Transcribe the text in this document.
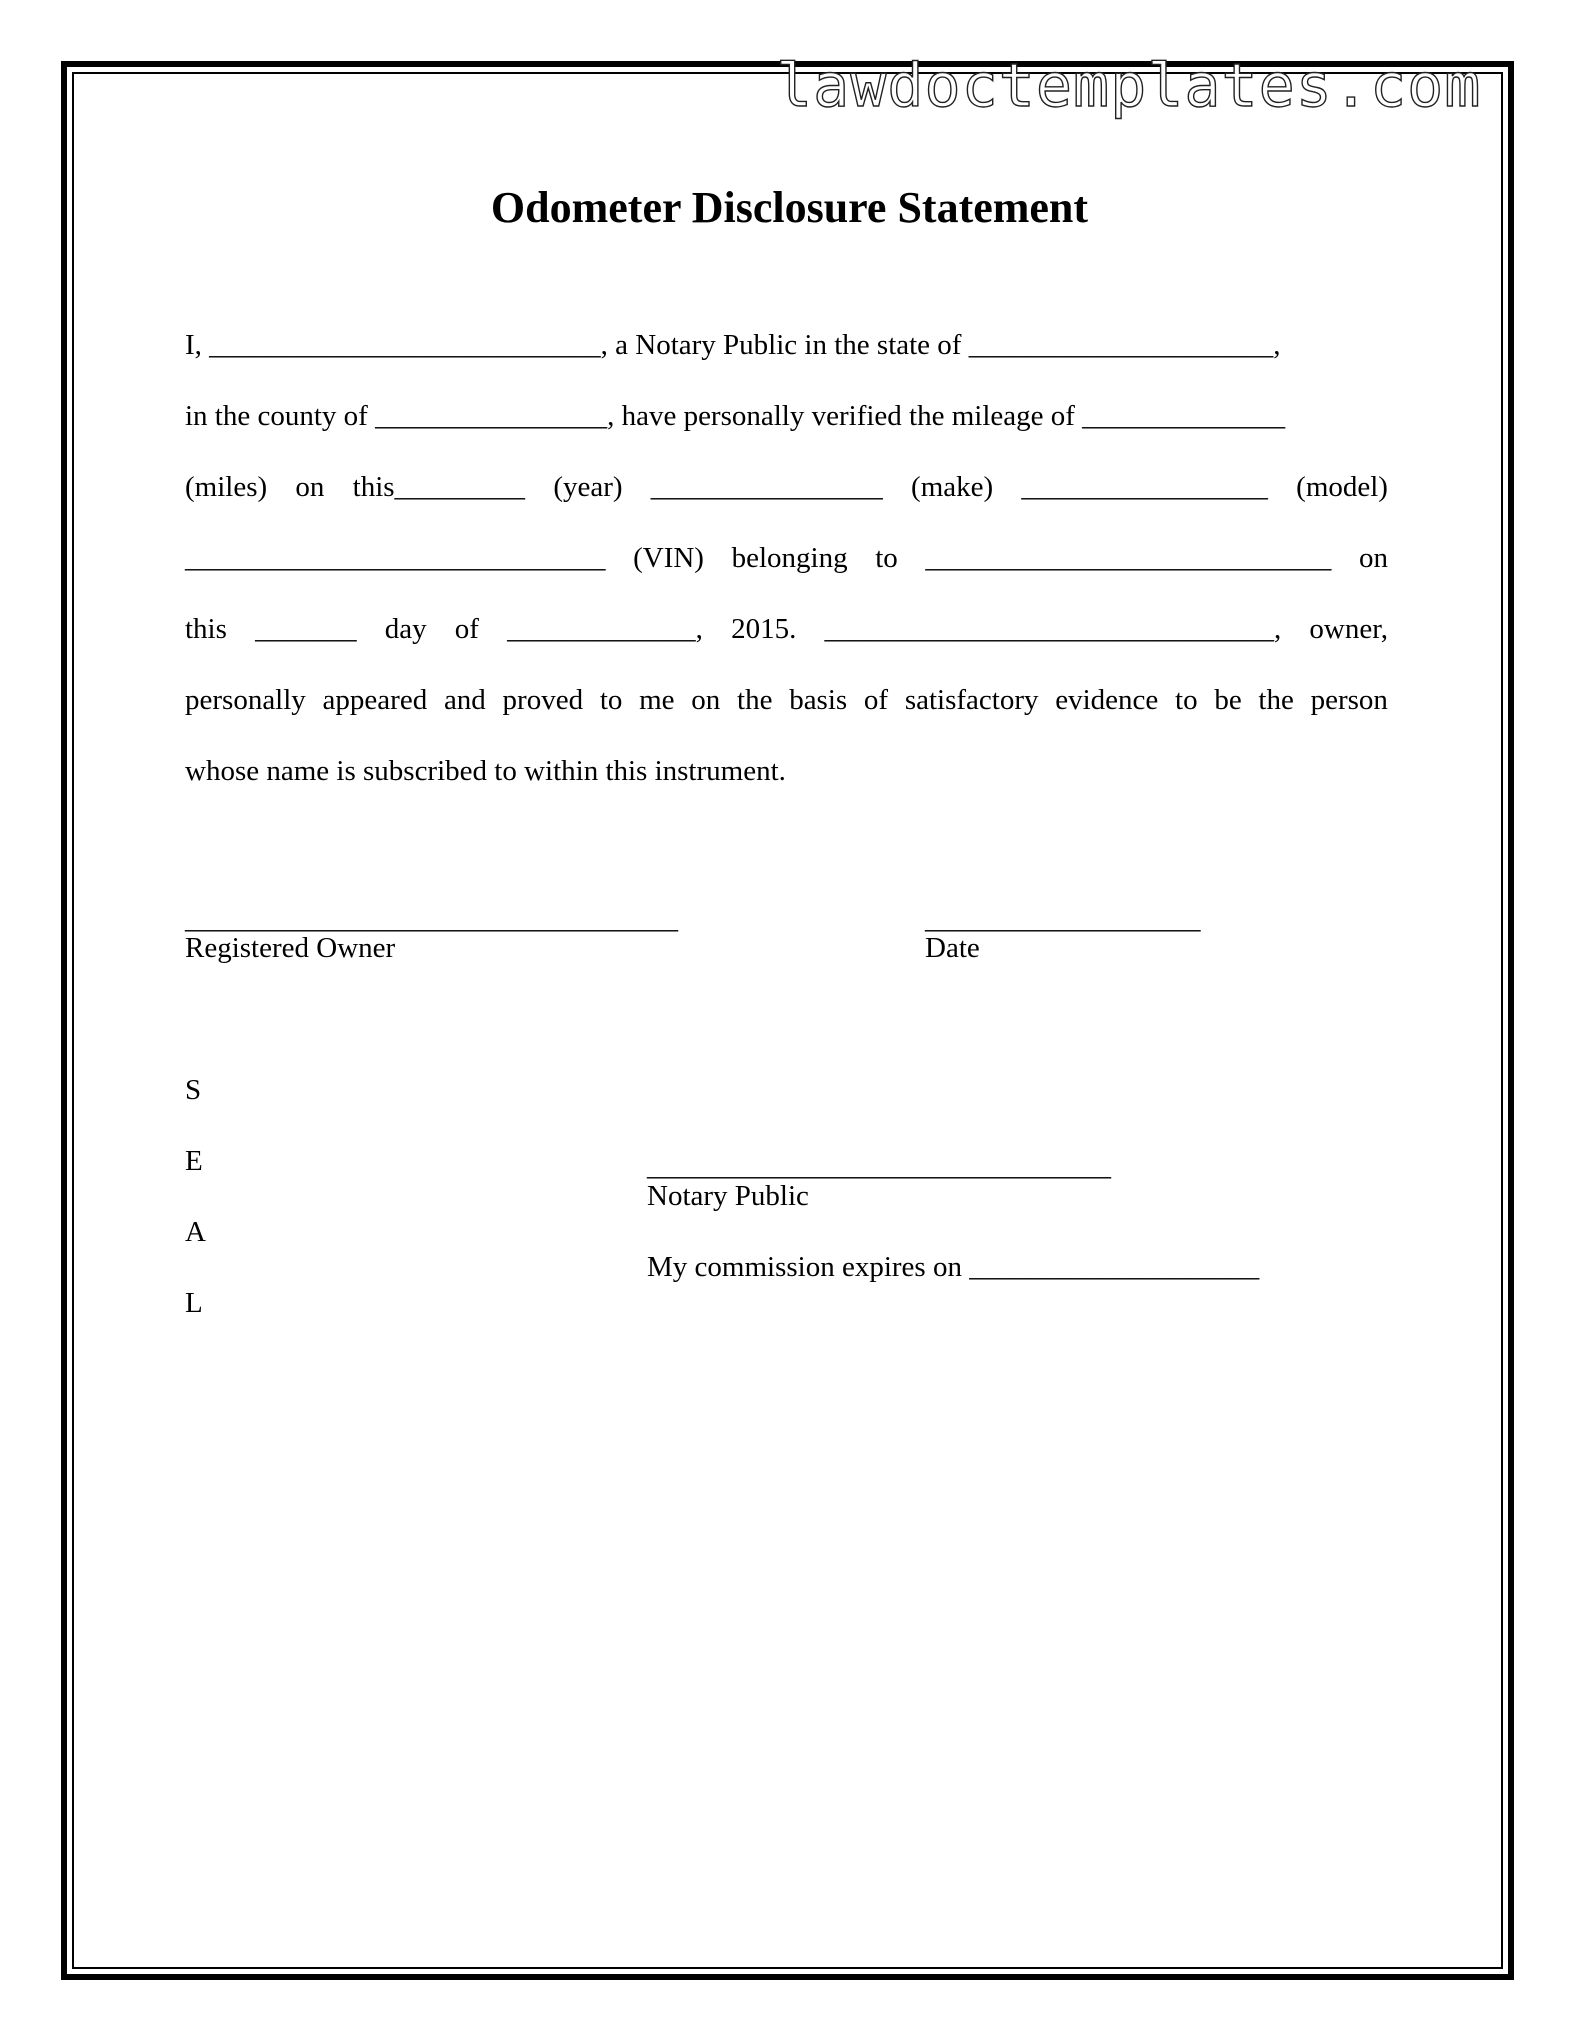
lawdoctemplates.com
Odometer Disclosure Statement
I, ___________________________, a Notary Public in the state of _____________________,
in the county of ________________, have personally verified the mileage of ______________
(miles) on this_________ (year) ________________ (make) _________________ (model)
_____________________________ (VIN) belonging to ____________________________ on
this _______ day of _____________, 2015. _______________________________, owner,
personally appeared and proved to me on the basis of satisfactory evidence to be the person
whose name is subscribed to within this instrument.
__________________________________
Registered Owner
___________________
Date
S
E
A
L
________________________________
Notary Public
My commission expires on ____________________
